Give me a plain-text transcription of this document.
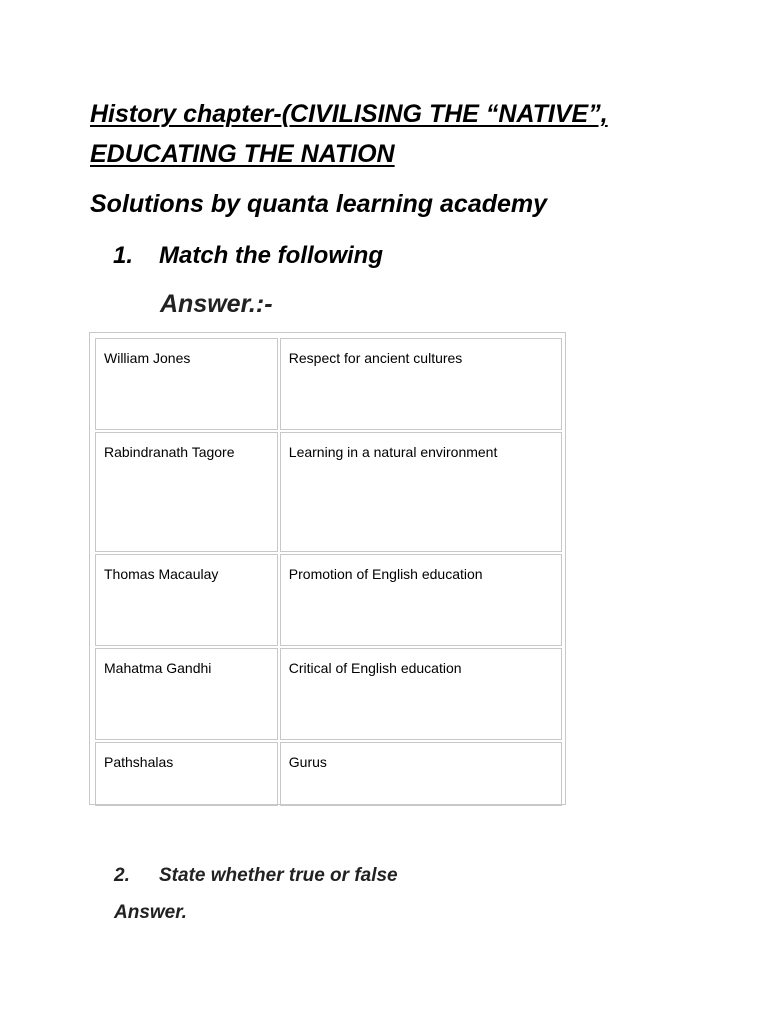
History chapter-(CIVILISING THE “NATIVE”,
EDUCATING THE NATION

Solutions by quanta learning academy

1. Match the following

Answer.:-

William Jones	Respect for ancient cultures
Rabindranath Tagore	Learning in a natural environment
Thomas Macaulay	Promotion of English education
Mahatma Gandhi	Critical of English education
Pathshalas	Gurus

2. State whether true or false

Answer.
